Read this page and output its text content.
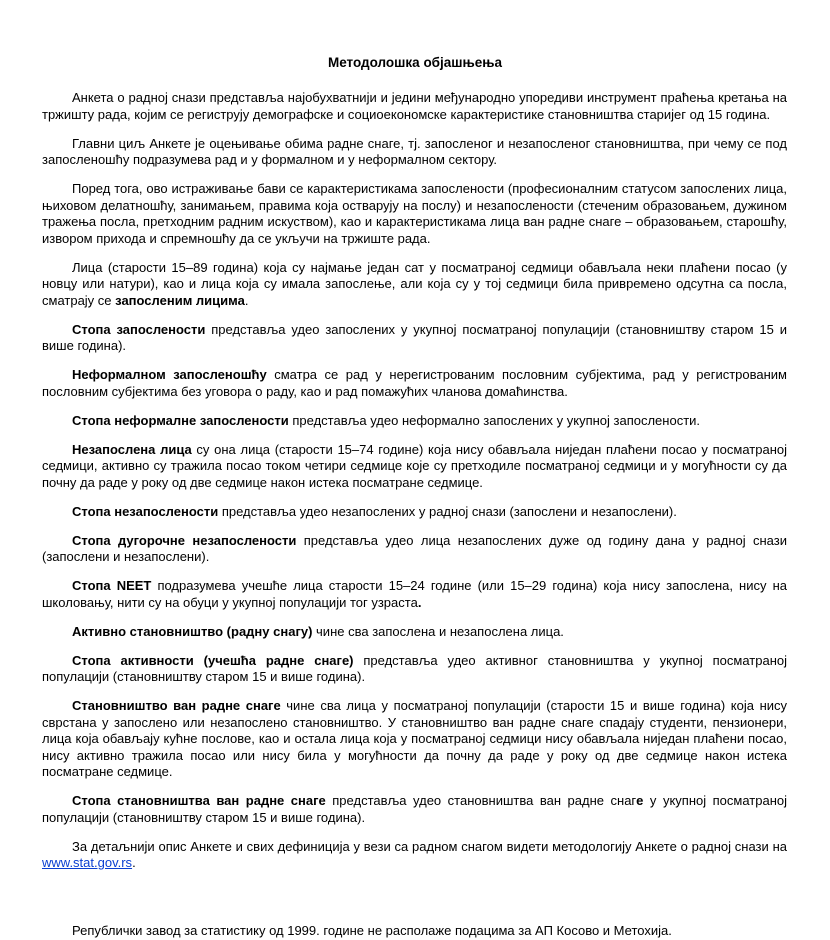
Методолошка објашњења

Анкета о радној снази представља најобухватнији и једини међународно упоредиви инструмент праћења кретања на тржишту рада, којим се региструју демографске и социоекономске карактеристике становништва старијег од 15 година.

Главни циљ Анкете је оцењивање обима радне снаге, тј. запосленог и незапосленог становништва, при чему се под запосленошћу подразумева рад и у формалном и у неформалном сектору.

Поред тога, ово истраживање бави се карактеристикама запослености (професионалним статусом запослених лица, њиховом делатношћу, занимањем, правима која остварују на послу) и незапослености (стеченим образовањем, дужином тражења посла, претходним радним искуством), као и карактеристикама лица ван радне снаге – образовањем, старошћу, извором прихода и спремношћу да се укључи на тржиште рада.

Лица (старости 15–89 година) која су најмање један сат у посматраној седмици обављала неки плаћени посао (у новцу или натури), као и лица која су имала запослење, али која су у тој седмици била привремено одсутна са посла, сматрају се запосленим лицима.

Стопа запослености представља удео запослених у укупној посматраној популацији (становништву старом 15 и више година).

Неформалном запосленошћу сматра се рад у нерегистрованим пословним субјектима, рад у регистрованим пословним субјектима без уговора о раду, као и рад помажућих чланова домаћинства.

Стопа неформалне запослености представља удео неформално запослених у укупној запослености.

Незапослена лица су она лица (старости 15–74 године) која нису обављала ниједан плаћени посао у посматраној седмици, активно су тражила посао током четири седмице које су претходиле посматраној седмици и у могућности су да почну да раде у року од две седмице након истека посматране седмице.

Стопа незапослености представља удео незапослених у радној снази (запослени и незапослени).

Стопа дугорочне незапослености представља удео лица незапослених дуже од годину дана у радној снази (запослени и незапослени).

Стопа NEET подразумева учешће лица старости 15–24 године (или 15–29 година) која нису запослена, нису на школовању, нити су на обуци у укупној популацији тог узраста.

Активно становништво (радну снагу) чине сва запослена и незапослена лица.

Стопа активности (учешћа радне снаге) представља удео активног становништва у укупној посматраној популацији (становништву старом 15 и више година).

Становништво ван радне снаге чине сва лица у посматраној популацији (старости 15 и више година) која нису сврстана у запослено или незапослено становништво. У становништво ван радне снаге спадају студенти, пензионери, лица која обављају кућне послове, као и остала лица која у посматраној седмици нису обављала ниједан плаћени посао, нису активно тражила посао или нису била у могућности да почну да раде у року од две седмице након истека посматране седмице.

Стопа становништва ван радне снаге представља удео становништва ван радне снаге у укупној посматраној популацији (становништву старом 15 и више година).

За детаљнији опис Анкете и свих дефиниција у вези са радном снагом видети методологију Анкете о радној снази на www.stat.gov.rs.

Републички завод за статистику од 1999. године не располаже подацима за АП Косово и Метохија.
